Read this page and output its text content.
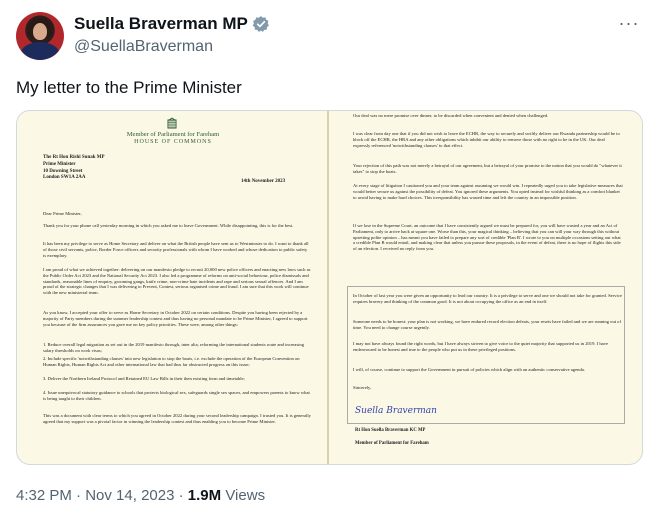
Suella Braverman MP
@SuellaBraverman
···
My letter to the Prime Minister
Member of Parliament for Fareham
HOUSE OF COMMONS
The Rt Hon Rishi Sunak MP
Prime Minister
10 Downing Street
London SW1A 2AA
14th November 2023
Dear Prime Minister,
Thank you for your phone call yesterday morning in which you asked me to leave Government. While disappointing, this is for the best.
It has been my privilege to serve as Home Secretary and deliver on what the British people have sent us to Westminster to do. I want to thank all of those civil servants, police, Border Force officers and security professionals with whom I have worked and whose dedication to public safety is exemplary.
I am proud of what we achieved together: delivering on our manifesto pledge to recruit 20,000 new police officers and enacting new laws such as the Public Order Act 2023 and the National Security Act 2023. I also led a programme of reforms on anti-social behaviour, police dismissals and standards, reasonable lines of enquiry, grooming gangs, knife crime, non-crime hate incidents and rape and serious sexual offences. And I am proud of the strategic changes that I was delivering to Prevent, Contest, serious organised crime and fraud. I am sure that this work will continue with the new ministerial team.
As you know, I accepted your offer to serve as Home Secretary in October 2022 on certain conditions. Despite you having been rejected by a majority of Party members during the summer leadership contest and thus having no personal mandate to be Prime Minister, I agreed to support you because of the firm assurances you gave me on key policy priorities. These were, among other things:
1. Reduce overall legal migration as set out in the 2019 manifesto through, inter alia, reforming the international students route and increasing salary thresholds on work visas;
2. Include specific 'notwithstanding clauses' into new legislation to stop the boats, i.e. exclude the operation of the European Convention on Human Rights, Human Rights Act and other international law that had thus far obstructed progress on this issue;
3. Deliver the Northern Ireland Protocol and Retained EU Law Bills in their then existing form and timetable;
4. Issue unequivocal statutory guidance to schools that protects biological sex, safeguards single sex spaces, and empowers parents to know what is being taught to their children.
This was a document with clear terms to which you agreed in October 2022 during your second leadership campaign. I trusted you. It is generally agreed that my support was a pivotal factor in winning the leadership contest and thus enabling you to become Prime Minister.
Our deal was no mere promise over dinner, to be discarded when convenient and denied when challenged.
I was clear from day one that if you did not wish to leave the ECHR, the way to securely and swiftly deliver our Rwanda partnership would be to block off the ECHR, the HRA and any other obligations which inhibit our ability to remove those with no right to be in the UK. Our deal expressly referenced 'notwithstanding clauses' to that effect.
Your rejection of this path was not merely a betrayal of our agreement, but a betrayal of your promise to the nation that you would do "whatever it takes" to stop the boats.
At every stage of litigation I cautioned you and your team against assuming we would win. I repeatedly urged you to take legislative measures that would better secure us against the possibility of defeat. You ignored these arguments. You opted instead for wishful thinking as a comfort blanket to avoid having to make hard choices. This irresponsibility has wasted time and left the country in an impossible position.
If we lose in the Supreme Court, an outcome that I have consistently argued we must be prepared for, you will have wasted a year and an Act of Parliament, only to arrive back at square one. Worse than this, your magical thinking – believing that you can will your way through this without upsetting polite opinion – has meant you have failed to prepare any sort of credible 'Plan B'. I wrote to you on multiple occasions setting out what a credible Plan B would entail, and making clear that unless you pursue these proposals, in the event of defeat, there is no hope of flights this side of an election. I received no reply from you.
In October of last year you were given an opportunity to lead our country. It is a privilege to serve and one we should not take for granted. Service requires bravery and thinking of the common good. It is not about occupying the office as an end in itself.
Someone needs to be honest: your plan is not working, we have endured record election defeats, your resets have failed and we are running out of time. You need to change course urgently.
I may not have always found the right words, but I have always striven to give voice to the quiet majority that supported us in 2019. I have endeavoured to be honest and true to the people who put us in these privileged positions.
I will, of course, continue to support the Government in pursuit of policies which align with an authentic conservative agenda.
Sincerely,
Suella Braverman
Rt Hon Suella Braverman KC MP
Member of Parliament for Fareham
4:32 PM · Nov 14, 2023 · 1.9M Views
